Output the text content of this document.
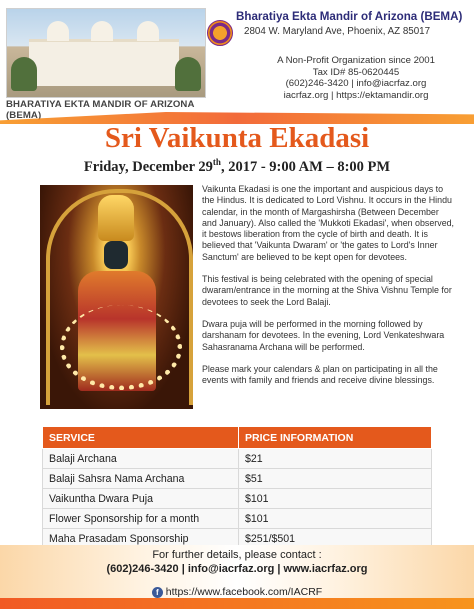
BHARATIYA EKTA MANDIR OF ARIZONA (BEMA)
Bharatiya Ekta Mandir of Arizona (BEMA)
2804 W. Maryland Ave, Phoenix, AZ 85017
A Non-Profit Organization since 2001
Tax ID# 85-0620445
(602)246-3420 | info@iacrfaz.org
iacrfaz.org | https://ektamandir.org
Sri Vaikunta Ekadasi
Friday, December 29th, 2017 - 9:00 AM – 8:00 PM

Vaikunta Ekadasi is one the important and auspicious days to the Hindus. It is dedicated to Lord Vishnu. It occurs in the Hindu calendar, in the month of Margashirsha (Between December and January). Also called the 'Mukkoti Ekadasi', when observed, it bestows liberation from the cycle of birth and death. It is believed that 'Vaikunta Dwaram' or 'the gates to Lord's Inner Sanctum' are believed to be kept open for devotees.

This festival is being celebrated with the opening of special dwaram/entrance in the morning at the Shiva Vishnu Temple for devotees to seek the Lord Balaji.

Dwara puja will be performed in the morning followed by darshanam for devotees. In the evening, Lord Venkateshwara Sahasranama Archana will be performed.

Please mark your calendars & plan on participating in all the events with family and friends and receive divine blessings.

SERVICE	PRICE INFORMATION
Balaji Archana	$21
Balaji Sahsra Nama Archana	$51
Vaikuntha Dwara Puja	$101
Flower Sponsorship for a month	$101
Maha Prasadam Sponsorship	$251/$501
For further details, please contact :
(602)246-3420 | info@iacrfaz.org | www.iacrfaz.org
f https://www.facebook.com/IACRF
